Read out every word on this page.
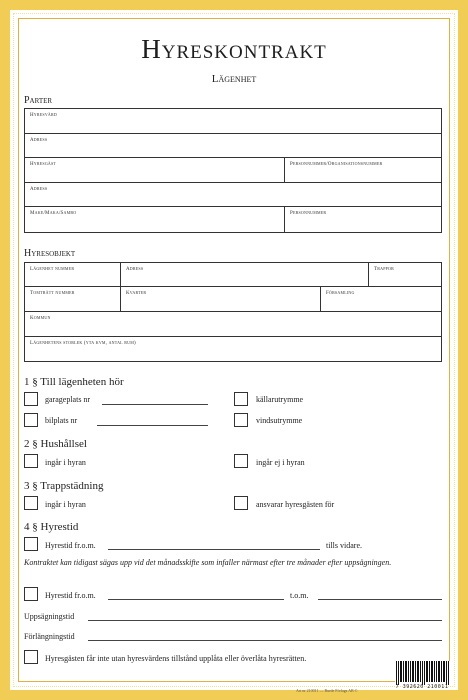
Hyreskontrakt
Lägenhet
Parter
Hyresvärd
Adress
Hyresgäst	Personnummer/Organisationsnummer
Adress
Make/Maka/Sambo	Personnummer
Hyresobjekt
Lägenhet nummer	Adress	Trappor
Tomträtt nummer	Kvarter	Församling
Kommun
Lägenhetens storlek (yta kvm, antal rum)
1 § Till lägenheten hör
garageplats nr	källarutrymme
bilplats nr	vindsutrymme
2 § Hushållsel
ingår i hyran	ingår ej i hyran
3 § Trappstädning
ingår i hyran	ansvarar hyresgästen för
4 § Hyrestid
Hyrestid fr.o.m.	tills vidare.
Kontraktet kan tidigast sägas upp vid det månadsskifte som infaller närmast efter tre månader efter uppsägningen.
Hyrestid fr.o.m.	t.o.m.
Uppsägningstid
Förlängningstid
Hyresgästen får inte utan hyresvärdens tillstånd upplåta eller överlåta hyresrätten.
Art nr 210011 — Burde Förlags AB ©
7 392620 210011
